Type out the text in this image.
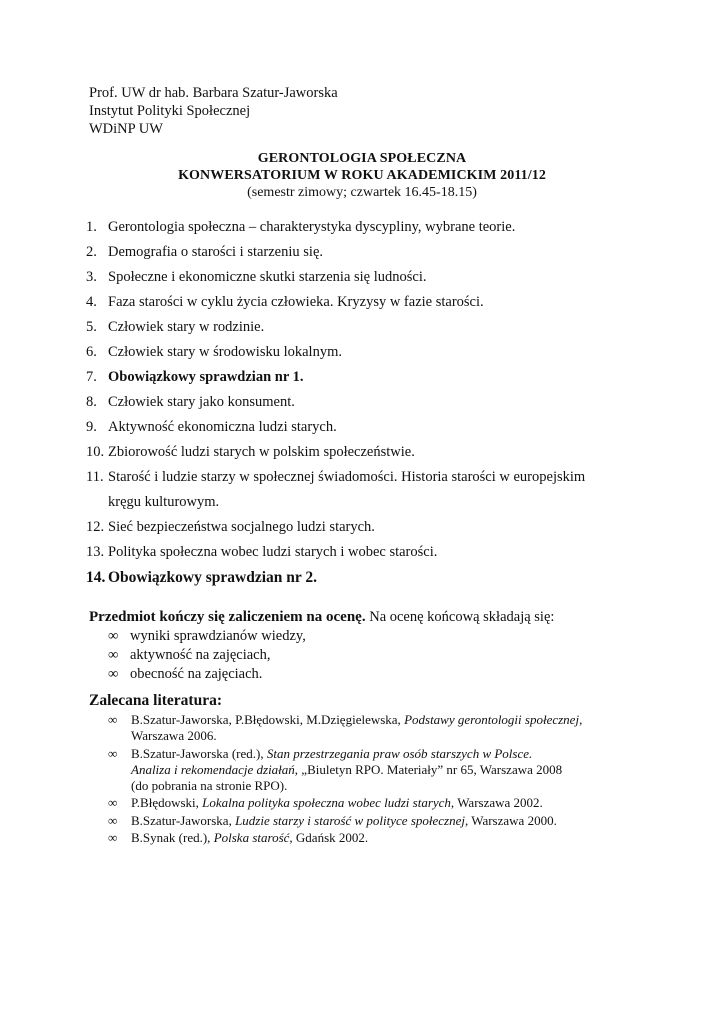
Prof. UW dr hab. Barbara Szatur-Jaworska
Instytut Polityki Społecznej
WDiNP UW
GERONTOLOGIA SPOŁECZNA
KONWERSATORIUM W ROKU AKADEMICKIM 2011/12
(semestr zimowy; czwartek 16.45-18.15)
1. Gerontologia społeczna – charakterystyka dyscypliny, wybrane teorie.
2. Demografia o starości i starzeniu się.
3. Społeczne i ekonomiczne skutki starzenia się ludności.
4. Faza starości w cyklu życia człowieka. Kryzysy w fazie starości.
5. Człowiek stary w rodzinie.
6. Człowiek stary w środowisku lokalnym.
7. Obowiązkowy sprawdzian nr 1.
8. Człowiek stary jako konsument.
9. Aktywność ekonomiczna ludzi starych.
10. Zbiorowość ludzi starych w polskim społeczeństwie.
11. Starość i ludzie starzy w społecznej świadomości. Historia starości w europejskim
kręgu kulturowym.
12. Sieć bezpieczeństwa socjalnego ludzi starych.
13. Polityka społeczna wobec ludzi starych i wobec starości.
14. Obowiązkowy sprawdzian nr 2.
Przedmiot kończy się zaliczeniem na ocenę. Na ocenę końcową składają się:
∞ wyniki sprawdzianów wiedzy,
∞ aktywność na zajęciach,
∞ obecność na zajęciach.
Zalecana literatura:
∞ B.Szatur-Jaworska, P.Błędowski, M.Dzięgielewska, Podstawy gerontologii społecznej,
Warszawa 2006.
∞ B.Szatur-Jaworska (red.), Stan przestrzegania praw osób starszych w Polsce.
Analiza i rekomendacje działań, „Biuletyn RPO. Materiały” nr 65, Warszawa 2008
(do pobrania na stronie RPO).
∞ P.Błędowski, Lokalna polityka społeczna wobec ludzi starych, Warszawa 2002.
∞ B.Szatur-Jaworska, Ludzie starzy i starość w polityce społecznej, Warszawa 2000.
∞ B.Synak (red.), Polska starość, Gdańsk 2002.
